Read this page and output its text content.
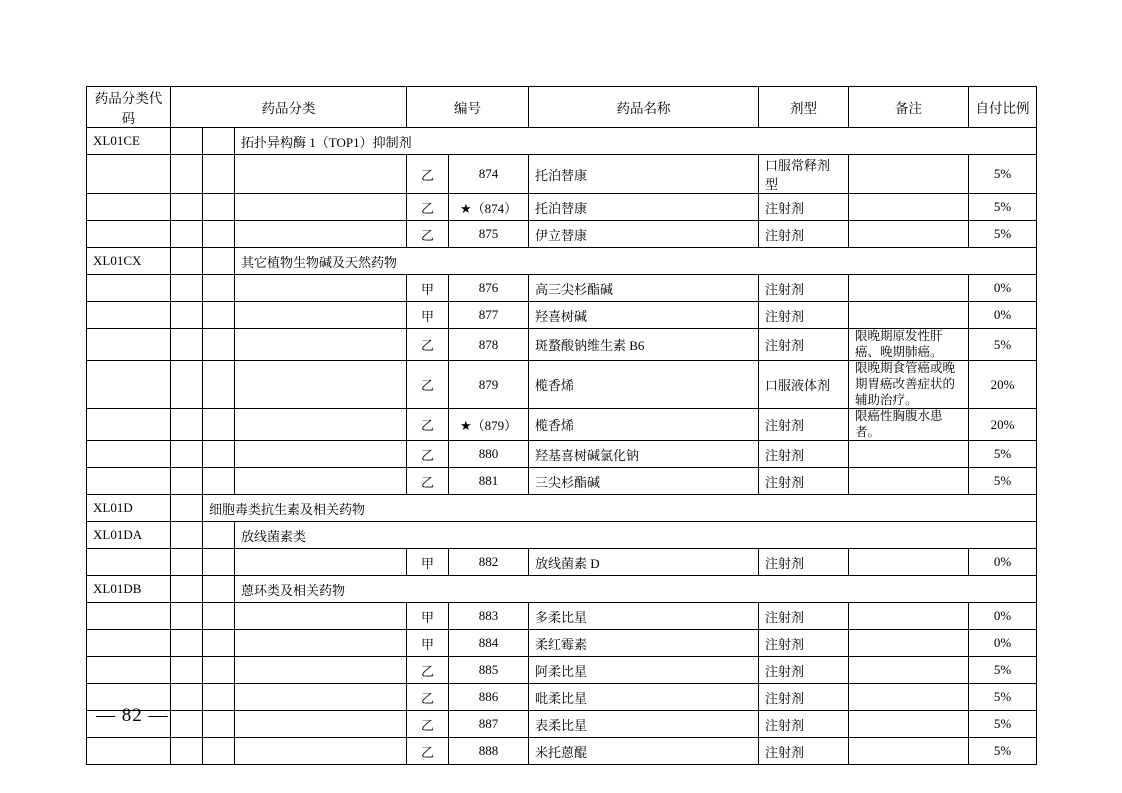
药品分类代码	药品分类			编号		药品名称	剂型	备注	自付比例
XL01CE			拓扑异构酶 1（TOP1）抑制剂						
				乙	874	托泊替康	口服常释剂型		5%
				乙	★（874）	托泊替康	注射剂		5%
				乙	875	伊立替康	注射剂		5%
XL01CX			其它植物生物碱及天然药物						
				甲	876	高三尖杉酯碱	注射剂		0%
				甲	877	羟喜树碱	注射剂		0%
				乙	878	斑蝥酸钠维生素 B6	注射剂	限晚期原发性肝癌、晚期肺癌。	5%
				乙	879	榄香烯	口服液体剂	限晚期食管癌或晚期胃癌改善症状的辅助治疗。	20%
				乙	★（879）	榄香烯	注射剂	限癌性胸腹水患者。	20%
				乙	880	羟基喜树碱氯化钠	注射剂		5%
				乙	881	三尖杉酯碱	注射剂		5%
XL01D		细胞毒类抗生素及相关药物							
XL01DA			放线菌素类						
				甲	882	放线菌素 D	注射剂		0%
XL01DB			蒽环类及相关药物						
				甲	883	多柔比星	注射剂		0%
				甲	884	柔红霉素	注射剂		0%
				乙	885	阿柔比星	注射剂		5%
				乙	886	吡柔比星	注射剂		5%
				乙	887	表柔比星	注射剂		5%
				乙	888	米托蒽醌	注射剂		5%
— 82 —
